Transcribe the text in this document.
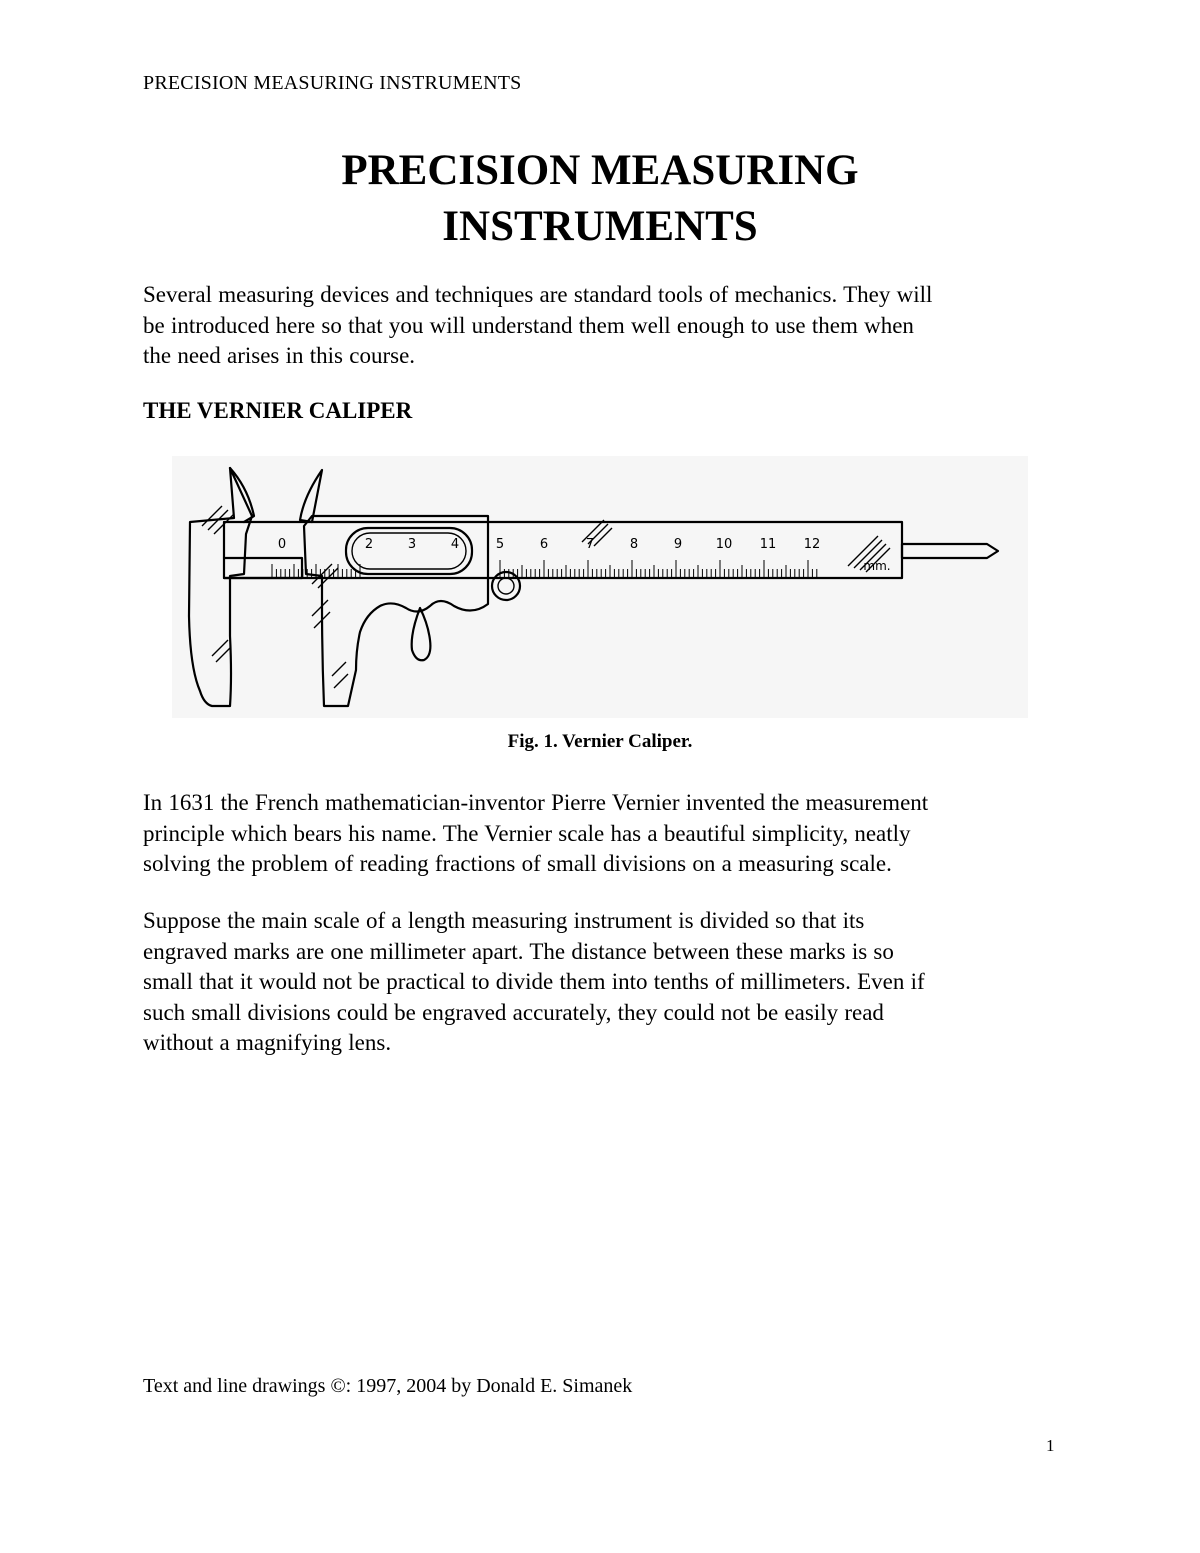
PRECISION MEASURING INSTRUMENTS
PRECISION MEASURING
INSTRUMENTS
Several measuring devices and techniques are standard tools of mechanics. They will
be introduced here so that you will understand them well enough to use them when
the need arises in this course.
THE VERNIER CALIPER
0	2	3	4	5	6	7	8	9	10 11 12
mm.
Fig. 1. Vernier Caliper.
In 1631 the French mathematician-inventor Pierre Vernier invented the measurement
principle which bears his name. The Vernier scale has a beautiful simplicity, neatly
solving the problem of reading fractions of small divisions on a measuring scale.
Suppose the main scale of a length measuring instrument is divided so that its
engraved marks are one millimeter apart. The distance between these marks is so
small that it would not be practical to divide them into tenths of millimeters. Even if
such small divisions could be engraved accurately, they could not be easily read
without a magnifying lens.
Text and line drawings ©: 1997, 2004 by Donald E. Simanek
1
